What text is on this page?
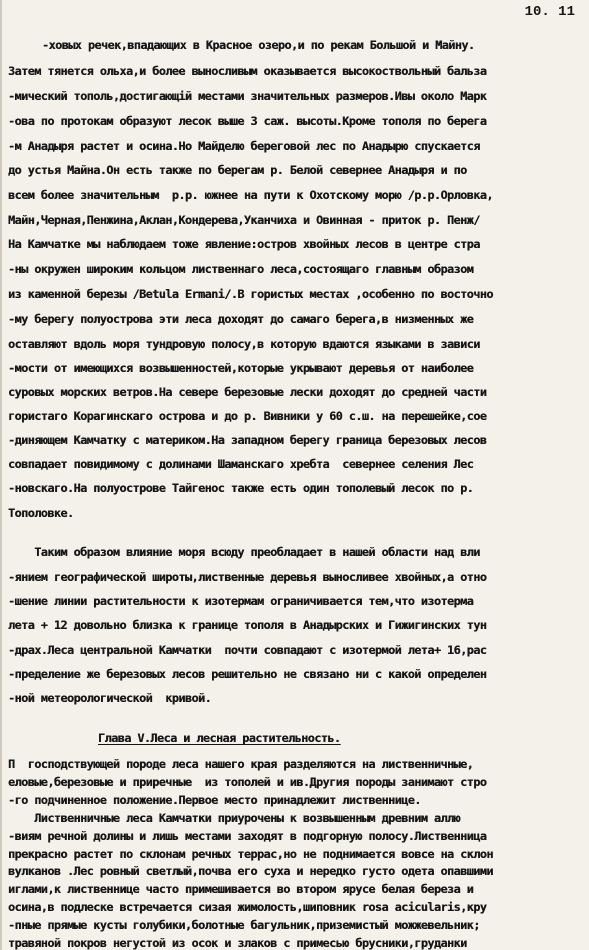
10. 11
-ховых речек,впадающих в Красное озеро,и по рекам Большой и Майну.
Затем тянется ольха,и более выносливым оказывается высокоствольный бальза
-мический тополь,достигающій местами значительных размеров.Ивы около Марк
-ова по протокам образуют лесок выше 3 саж. высоты.Кроме тополя по берега
-м Анадыря растет и осина.Но Майделю береговой лес по Анадырю спускается
до устья Майна.Он есть также по берегам р. Белой севернее Анадыря и по
всем более значительным  р.р. южнее на пути к Охотскому морю /р.р.Орловка,
Майн,Черная,Пенжина,Аклан,Кондерева,Уканчиха и Овинная - приток р. Пенж/
На Камчатке мы наблюдаем тоже явление:остров хвойных лесов в центре стра
-ны окружен широким кольцом лиственнаго леса,состоящаго главным образом
из каменной березы /Betula Ermani/.В гористых местах ,особенно по восточно
-му берегу полуострова эти леса доходят до самаго берега,в низменных же
оставляют вдоль моря тундровую полосу,в которую вдаются языками в зависи
-мости от имеющихся возвышенностей,которые укрывают деревья от наиболее
суровых морских ветров.На севере березовые лески доходят до средней части
гористаго Корагинскаго острова и до р. Вивники у 60 с.ш. на перешейке,сое
-диняющем Камчатку с материком.На западном берегу граница березовых лесов
совпадает повидимому с долинами Шаманскаго хребта  севернее селения Лес
-новскаго.На полуострове Тайгенос также есть один тополевый лесок по р.
Тополовке.
Таким образом влияние моря всюду преобладает в нашей области над вли
-янием географической широты,лиственные деревья выносливее хвойных,а отно
-шение линии растительности к изотермам ограничивается тем,что изотерма
лета + 12 довольно близка к границе тополя в Анадырских и Гижигинских тун
-драх.Леса центральной Камчатки  почти совпадают с изотермой лета+ 16,рас
-пределение же березовых лесов решительно не связано ни с какой определен
-ной метеорологической  кривой.
Глава V.Леса и лесная растительность.
П  господствующей породе леса нашего края разделяются на лиственничные,
еловые,березовые и приречные  из тополей и ив.Другия породы занимают стро
-го подчиненное положение.Первое место принадлежит лиственнице.
Лиственничные леса Камчатки приурочены к возвышенным древним аллю
-виям речной долины и лишь местами заходят в подгорную полосу.Лиственница
прекрасно растет по склонам речных террас,но не поднимается вовсе на склон
вулканов .Лес ровный светлый,почва его суха и нередко густо одета опавшими
иглами,к лиственнице часто примешивается во втором ярусе белая береза и
осина,в подлеске встречается сизая жимолость,шиповник rosa acicularis,кру
-пные прямые кусты голубики,болотные багульник,приземистый можжевельник;
травяной покров негустой из осок и злаков с примесью брусники,груданки
